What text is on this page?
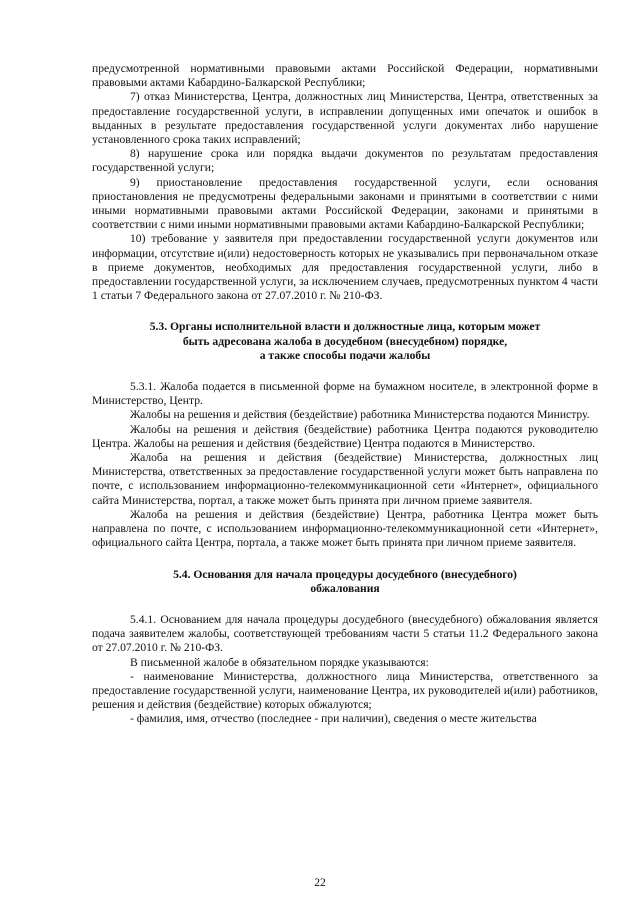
предусмотренной нормативными правовыми актами Российской Федерации, нормативными правовыми актами Кабардино-Балкарской Республики;

7) отказ Министерства, Центра, должностных лиц Министерства, Центра, ответственных за предоставление государственной услуги, в исправлении допущенных ими опечаток и ошибок в выданных в результате предоставления государственной услуги документах либо нарушение установленного срока таких исправлений;

8) нарушение срока или порядка выдачи документов по результатам предоставления государственной услуги;

9) приостановление предоставления государственной услуги, если основания приостановления не предусмотрены федеральными законами и принятыми в соответствии с ними иными нормативными правовыми актами Российской Федерации, законами и принятыми в соответствии с ними иными нормативными правовыми актами Кабардино-Балкарской Республики;

10) требование у заявителя при предоставлении государственной услуги документов или информации, отсутствие и(или) недостоверность которых не указывались при первоначальном отказе в приеме документов, необходимых для предоставления государственной услуги, либо в предоставлении государственной услуги, за исключением случаев, предусмотренных пунктом 4 части 1 статьи 7 Федерального закона от 27.07.2010 г. № 210-ФЗ.

5.3. Органы исполнительной власти и должностные лица, которым может

быть адресована жалоба в досудебном (внесудебном) порядке,

а также способы подачи жалобы

5.3.1. Жалоба подается в письменной форме на бумажном носителе, в электронной форме в Министерство, Центр.

Жалобы на решения и действия (бездействие) работника Министерства подаются Министру.

Жалобы на решения и действия (бездействие) работника Центра подаются руководителю Центра. Жалобы на решения и действия (бездействие) Центра подаются в Министерство.

Жалоба на решения и действия (бездействие) Министерства, должностных лиц Министерства, ответственных за предоставление государственной услуги может быть направлена по почте, с использованием информационно-телекоммуникационной сети «Интернет», официального сайта Министерства, портал, а также может быть принята при личном приеме заявителя.

Жалоба на решения и действия (бездействие) Центра, работника Центра может быть направлена по почте, с использованием информационно-телекоммуникационной сети «Интернет», официального сайта Центра, портала, а также может быть принята при личном приеме заявителя.

5.4. Основания для начала процедуры досудебного (внесудебного)

обжалования

5.4.1. Основанием для начала процедуры досудебного (внесудебного) обжалования является подача заявителем жалобы, соответствующей требованиям части 5 статьи 11.2 Федерального закона от 27.07.2010 г. № 210-ФЗ.

В письменной жалобе в обязательном порядке указываются:

- наименование Министерства, должностного лица Министерства, ответственного за предоставление государственной услуги, наименование Центра, их руководителей и(или) работников, решения и действия (бездействие) которых обжалуются;

- фамилия, имя, отчество (последнее - при наличии), сведения о месте жительства

22
